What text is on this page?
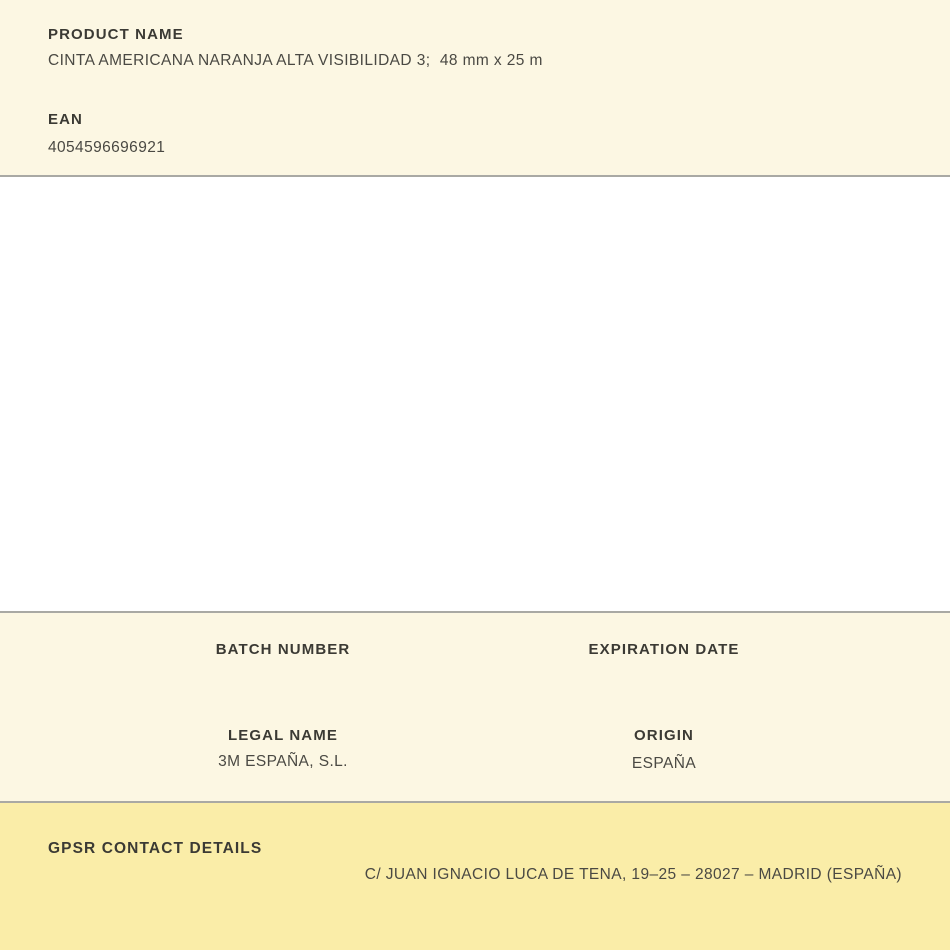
PRODUCT NAME
CINTA AMERICANA NARANJA ALTA VISIBILIDAD 3;  48 mm x 25 m
EAN
4054596696921
BATCH NUMBER	EXPIRATION DATE
LEGAL NAME
3M ESPAÑA, S.L.
ORIGIN
ESPAÑA
GPSR CONTACT DETAILS
C/ JUAN IGNACIO LUCA DE TENA, 19–25 – 28027 – MADRID (ESPAÑA)
